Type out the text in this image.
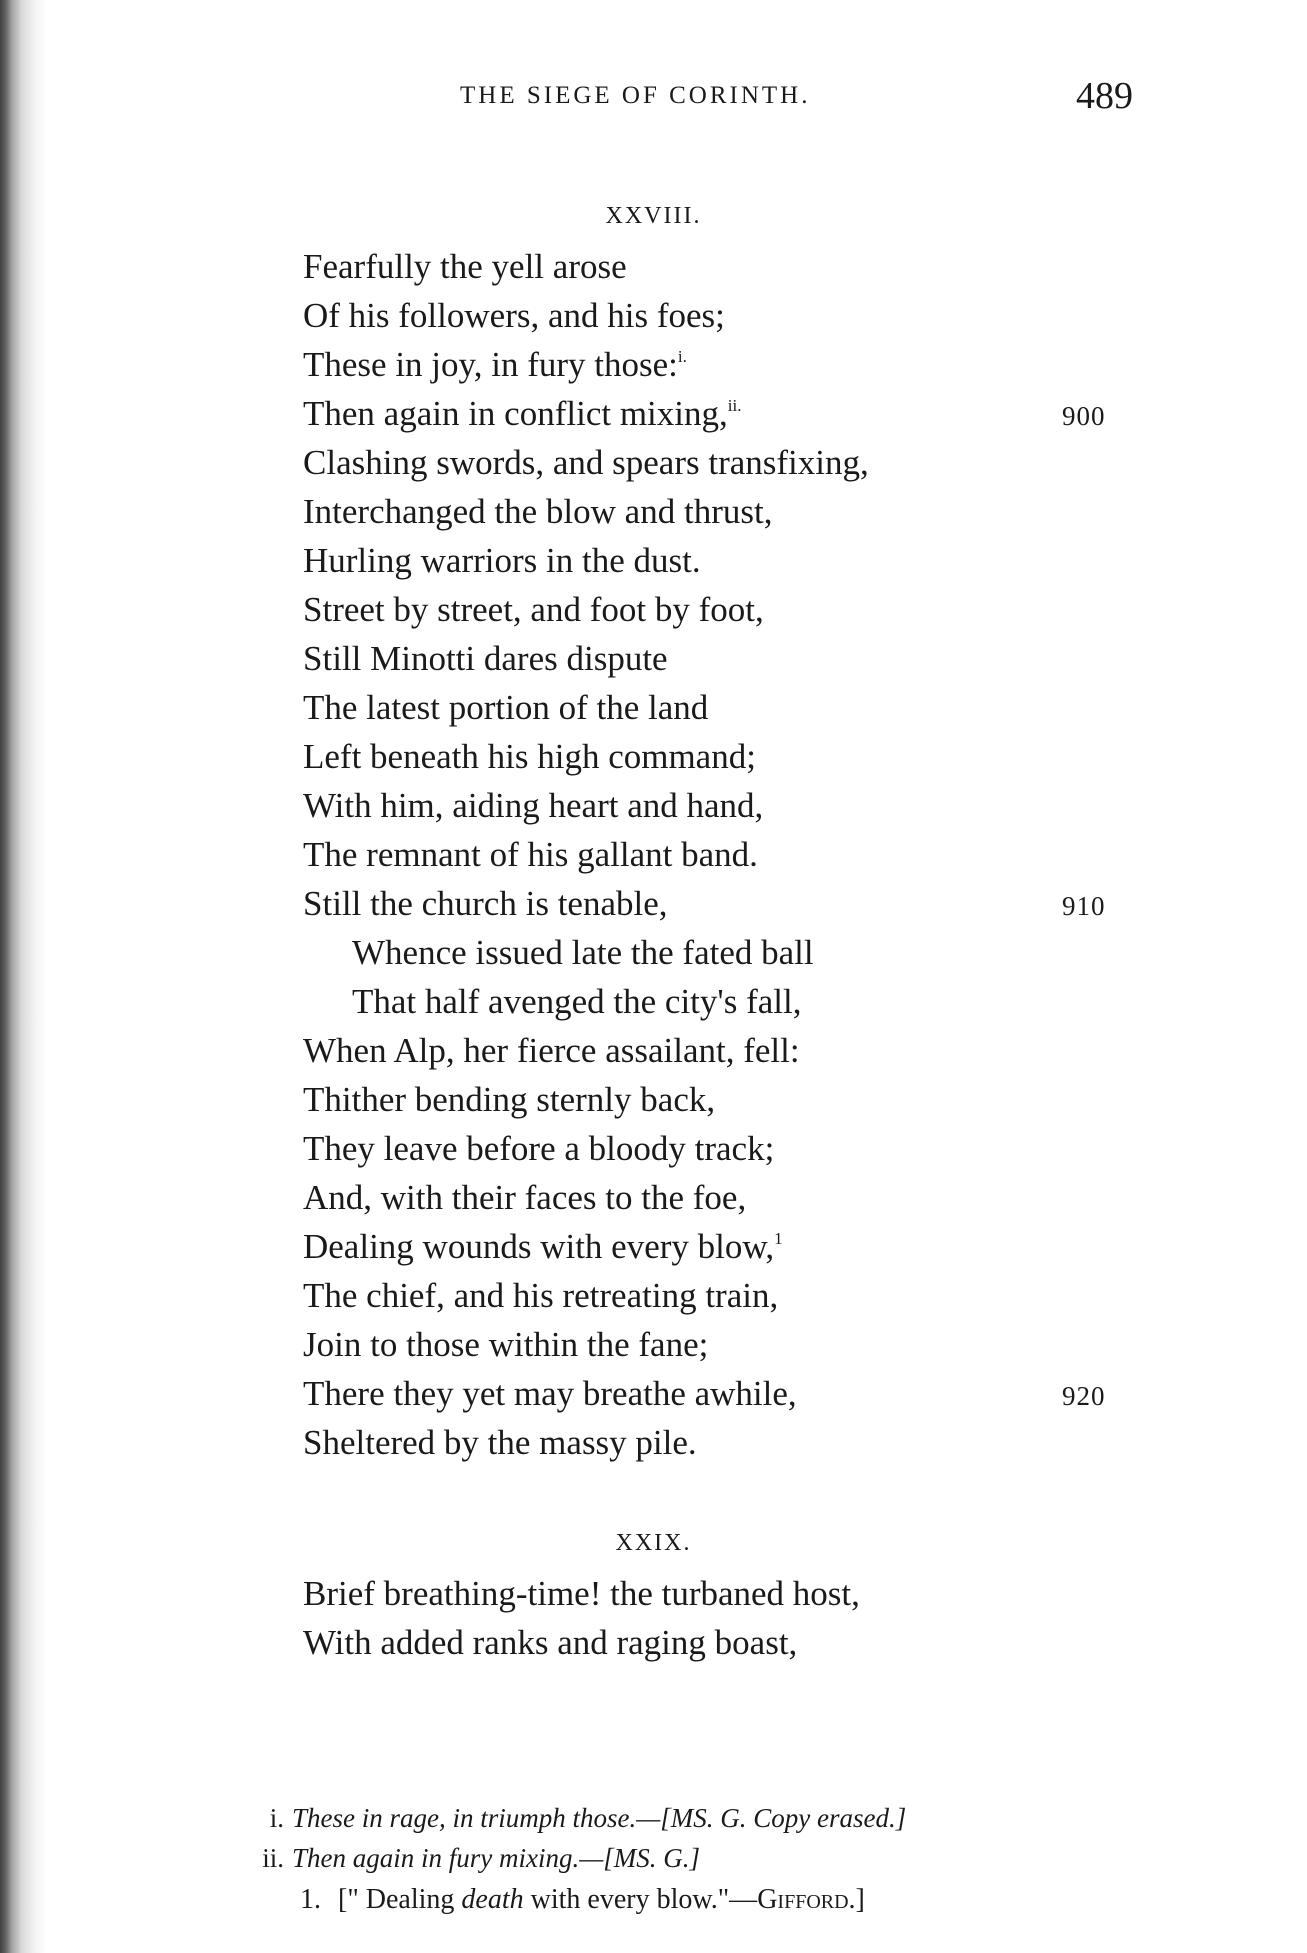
THE SIEGE OF CORINTH.	489
XXVIII.
Fearfully the yell arose
Of his followers, and his foes;
These in joy, in fury those:$^{i.}$
Then again in conflict mixing,$^{ii.}$	900
Clashing swords, and spears transfixing,
Interchanged the blow and thrust,
Hurling warriors in the dust.
Street by street, and foot by foot,
Still Minotti dares dispute
The latest portion of the land
Left beneath his high command;
With him, aiding heart and hand,
The remnant of his gallant band.
Still the church is tenable,	910
Whence issued late the fated ball
That half avenged the city's fall,
When Alp, her fierce assailant, fell:
Thither bending sternly back,
They leave before a bloody track;
And, with their faces to the foe,
Dealing wounds with every blow,$^1$
The chief, and his retreating train,
Join to those within the fane;
There they yet may breathe awhile,	920
Sheltered by the massy pile.
XXIX.
Brief breathing-time! the turbaned host,
With added ranks and raging boast,
i. These in rage, in triumph those.—[MS. G. Copy erased.]
ii. Then again in fury mixing.—[MS. G.]
1. [" Dealing death with every blow."—Gifford.]
